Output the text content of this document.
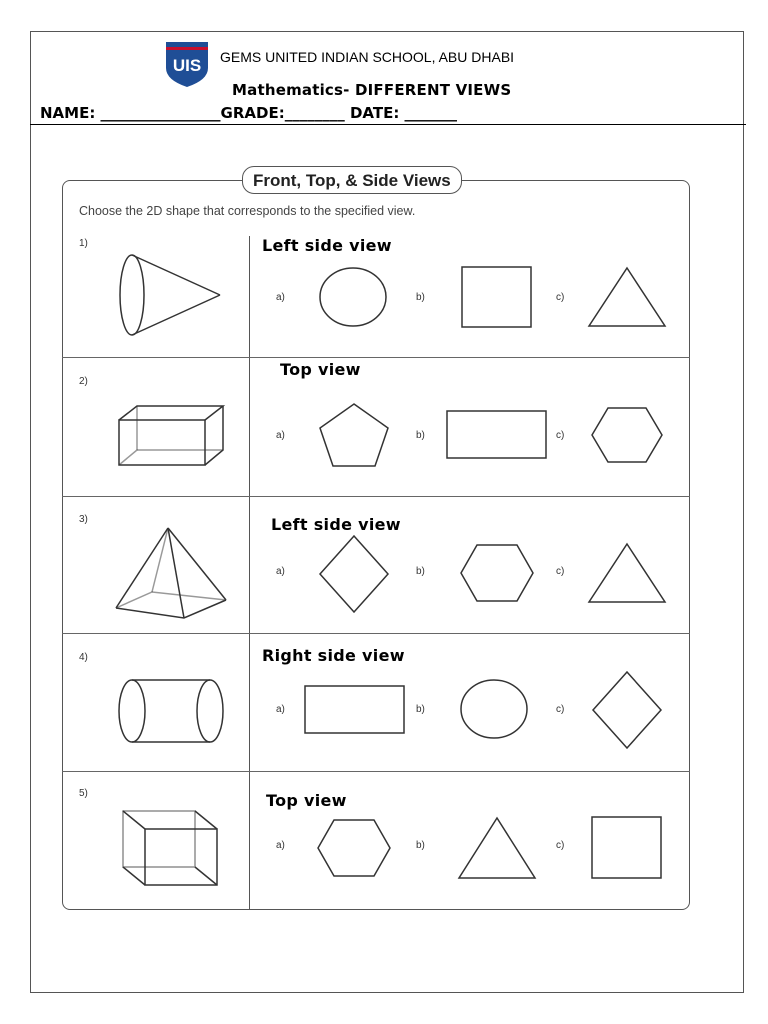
UIS GEMS UNITED INDIAN SCHOOL, ABU DHABI
Mathematics- DIFFERENT VIEWS
NAME: ________________GRADE:________ DATE: _______
Front, Top, & Side Views
Choose the 2D shape that corresponds to the specified view.
1)	Left side view
a)	b)	c)
2)
Top view
a)	b)	c)
3)	Left side view
a)	b)	c)
4)	Right side view
a)	b)	c)
5)	Top view
a)	b)	c)
